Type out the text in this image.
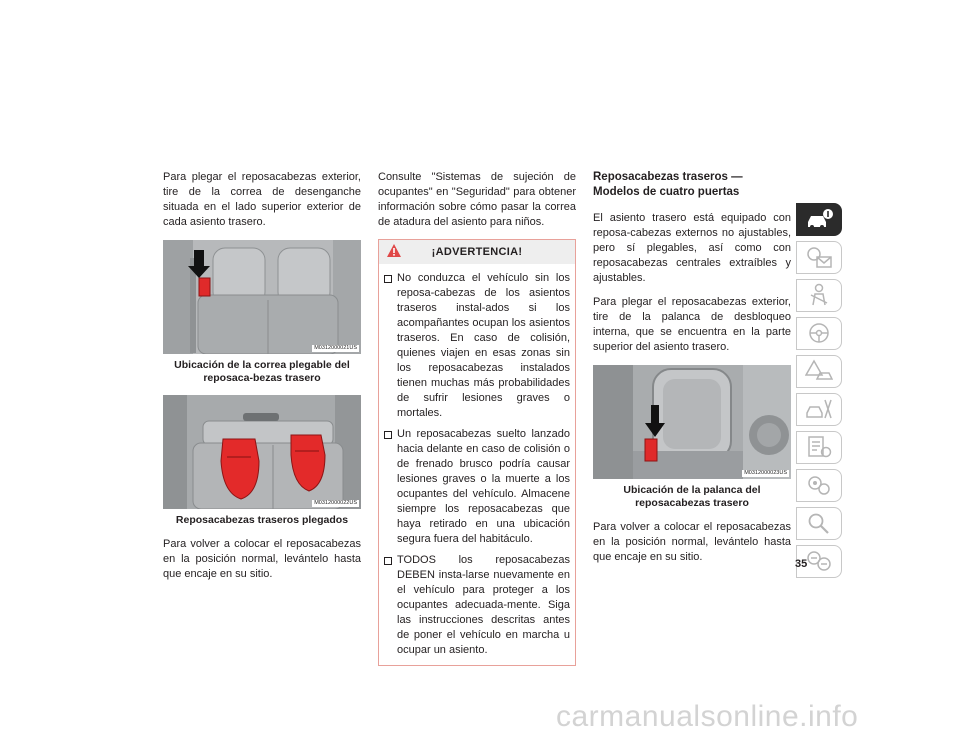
Para plegar el reposacabezas exterior, tire de la correa de desenganche situada en el lado superior exterior de cada asiento trasero.

M0312000021US
Ubicación de la correa plegable del reposaca-bezas trasero
M0312000022US
Reposacabezas traseros plegados

Para volver a colocar el reposacabezas en la posición normal, levántelo hasta que encaje en su sitio.

Consulte "Sistemas de sujeción de ocupantes" en "Seguridad" para obtener información sobre cómo pasar la correa de atadura del asiento para niños.

¡ADVERTENCIA!
No conduzca el vehículo sin los reposa-cabezas de los asientos traseros instal-ados si los acompañantes ocupan los asientos traseros. En caso de colisión, quienes viajen en esas zonas sin los reposacabezas instalados tienen muchas más probabilidades de sufrir lesiones graves o mortales.
Un reposacabezas suelto lanzado hacia delante en caso de colisión o de frenado brusco podría causar lesiones graves o la muerte a los ocupantes del vehículo. Almacene siempre los reposacabezas que haya retirado en una ubicación segura fuera del habitáculo.
TODOS los reposacabezas DEBEN insta-larse nuevamente en el vehículo para proteger a los ocupantes adecuada-mente. Siga las instrucciones descritas antes de poner el vehículo en marcha u ocupar un asiento.
Reposacabezas traseros — Modelos de cuatro puertas

El asiento trasero está equipado con reposa-cabezas externos no ajustables, pero sí plegables, así como con reposacabezas centrales extraíbles y ajustables.

Para plegar el reposacabezas exterior, tire de la palanca de desbloqueo interna, que se encuentra en la parte superior del asiento trasero.

M0312000023US
Ubicación de la palanca del reposacabezas trasero

Para volver a colocar el reposacabezas en la posición normal, levántelo hasta que encaje en su sitio.

35
carmanualsonline.info
